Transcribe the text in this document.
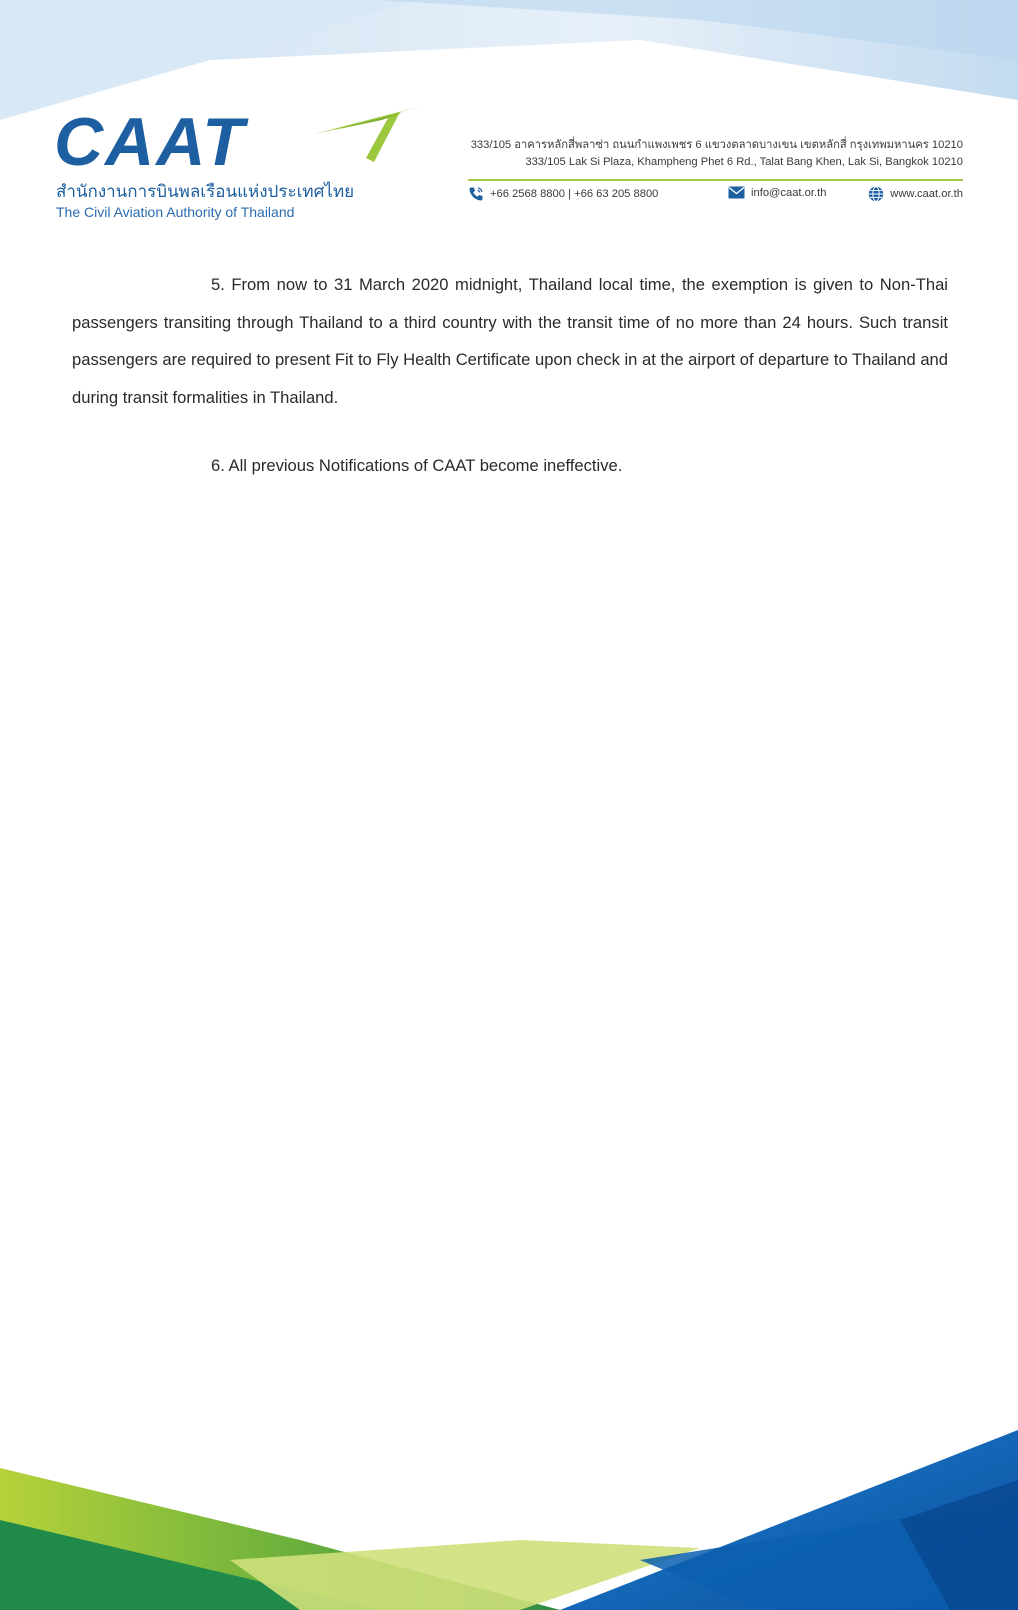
CAAT
สำนักงานการบินพลเรือนแห่งประเทศไทย
The Civil Aviation Authority of Thailand
333/105 อาคารหลักสี่พลาซ่า ถนนกำแพงเพชร 6 แขวงตลาดบางเขน เขตหลักสี่ กรุงเทพมหานคร 10210
333/105 Lak Si Plaza, Khampheng Phet 6 Rd., Talat Bang Khen, Lak Si, Bangkok 10210
+66 2568 8800 | +66 63 205 8800	info@caat.or.th	www.caat.or.th

5. From now to 31 March 2020 midnight, Thailand local time, the exemption is given to Non-Thai passengers transiting through Thailand to a third country with the transit time of no more than 24 hours. Such transit passengers are required to present Fit to Fly Health Certificate upon check in at the airport of departure to Thailand and during transit formalities in Thailand.

6. All previous Notifications of CAAT become ineffective.
